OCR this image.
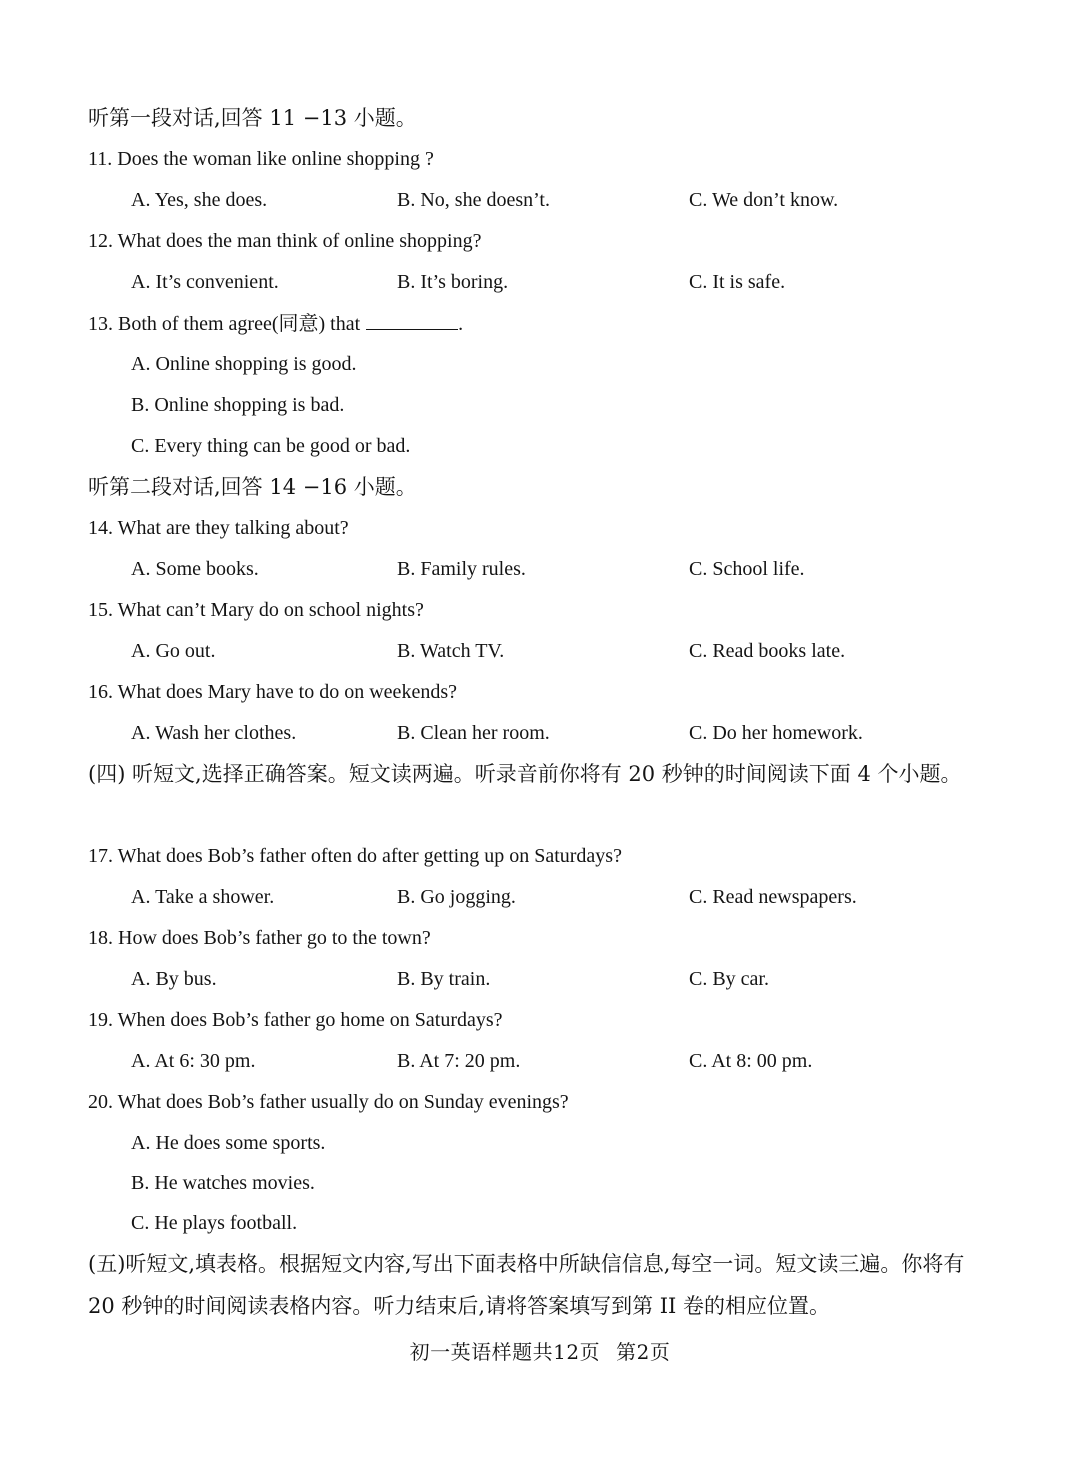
听第一段对话,回答 11 −13 小题。
11. Does the woman like online shopping ?
A. Yes, she does.	B. No, she doesn’t.	C. We don’t know.
12. What does the man think of online shopping?
A. It’s convenient.	B. It’s boring.	C. It is safe.
13. Both of them agree(同意) that	.
A. Online shopping is good.
B. Online shopping is bad.
C. Every thing can be good or bad.
听第二段对话,回答 14 −16 小题。
14. What are they talking about?
A. Some books.	B. Family rules.	C. School life.
15. What can’t Mary do on school nights?
A. Go out.	B. Watch TV.	C. Read books late.
16. What does Mary have to do on weekends?
A. Wash her clothes.	B. Clean her room.	C. Do her homework.
(四) 听短文,选择正确答案。短文读两遍。听录音前你将有 20 秒钟的时间阅读下面 4 个小题。
17. What does Bob’s father often do after getting up on Saturdays?
A. Take a shower.	B. Go jogging.	C. Read newspapers.
18. How does Bob’s father go to the town?
A. By bus.	B. By train.	C. By car.
19. When does Bob’s father go home on Saturdays?
A. At 6: 30 pm.	B. At 7: 20 pm.	C. At 8: 00 pm.
20. What does Bob’s father usually do on Sunday evenings?
A. He does some sports.
B. He watches movies.
C. He plays football.
(五)听短文,填表格。根据短文内容,写出下面表格中所缺信信息,每空一词。短文读三遍。你将有 20 秒钟的时间阅读表格内容。听力结束后,请将答案填写到第 II 卷的相应位置。
初一英语样题共12页 第2页
